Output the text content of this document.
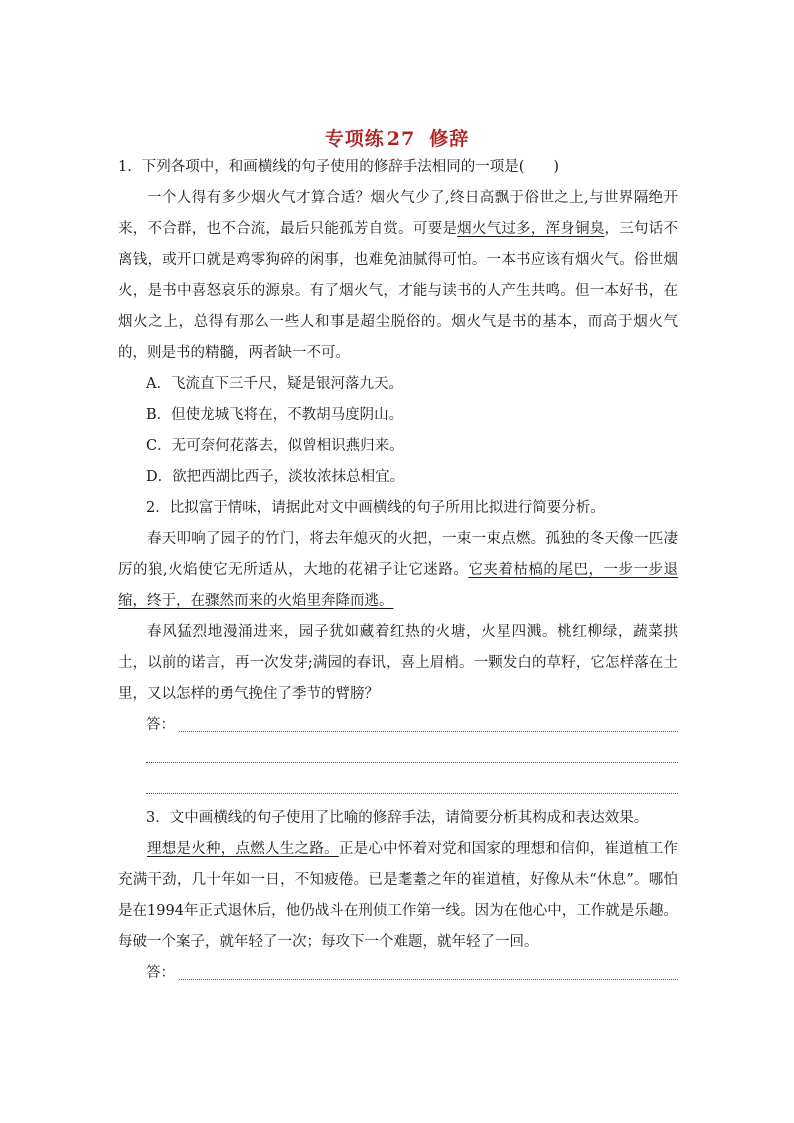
专项练 27 修辞

1．下列各项中，和画横线的句子使用的修辞手法相同的一项是(　　)

一个人得有多少烟火气才算合适？烟火气少了,终日高飘于俗世之上,与世界隔绝开来，不合群，也不合流，最后只能孤芳自赏。可要是烟火气过多，浑身铜臭，三句话不离钱，或开口就是鸡零狗碎的闲事，也难免油腻得可怕。一本书应该有烟火气。俗世烟火，是书中喜怒哀乐的源泉。有了烟火气，才能与读书的人产生共鸣。但一本好书，在烟火之上，总得有那么一些人和事是超尘脱俗的。烟火气是书的基本，而高于烟火气的，则是书的精髓，两者缺一不可。

A．飞流直下三千尺，疑是银河落九天。

B．但使龙城飞将在，不教胡马度阴山。

C．无可奈何花落去，似曾相识燕归来。

D．欲把西湖比西子，淡妆浓抹总相宜。

2．比拟富于情味，请据此对文中画横线的句子所用比拟进行简要分析。

春天叩响了园子的竹门，将去年熄灭的火把，一束一束点燃。孤独的冬天像一匹凄厉的狼,火焰使它无所适从，大地的花裙子让它迷路。它夹着枯槁的尾巴，一步一步退缩，终于，在骤然而来的火焰里奔降而逃。

春风猛烈地漫涌进来，园子犹如藏着红热的火塘，火星四溅。桃红柳绿，蔬菜拱土，以前的诺言，再一次发芽;满园的春讯，喜上眉梢。一颗发白的草籽，它怎样落在土里，又以怎样的勇气挽住了季节的臂膀？

答：

3．文中画横线的句子使用了比喻的修辞手法，请简要分析其构成和表达效果。

理想是火种，点燃人生之路。正是心中怀着对党和国家的理想和信仰，崔道植工作充满干劲，几十年如一日，不知疲倦。已是耄耋之年的崔道植，好像从未“休息”。哪怕是在1994年正式退休后，他仍战斗在刑侦工作第一线。因为在他心中，工作就是乐趣。每破一个案子，就年轻了一次；每攻下一个难题，就年轻了一回。

答：
